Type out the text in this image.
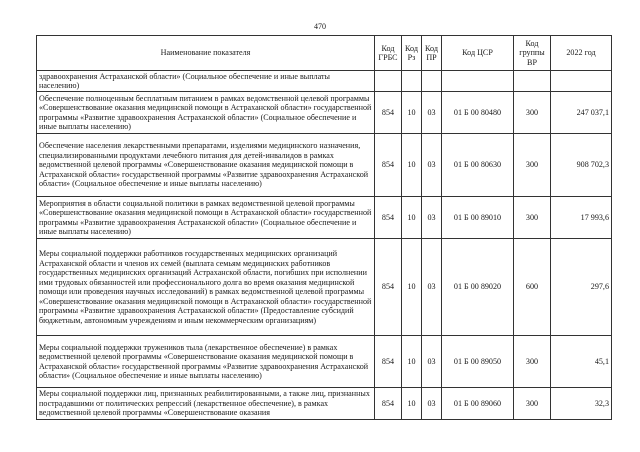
470
Наименование показателя	Код ГРБС	Код Рз	Код ПР	Код ЦСР	Код группы ВР	2022 год
здравоохранения Астраханской области» (Социальное обеспечение и иные выплаты населению)						
Обеспечение полноценным бесплатным питанием в рамках ведомственной целевой программы «Совершенствование оказания медицинской помощи в Астраханской области» государственной программы «Развитие здравоохранения Астраханской области» (Социальное обеспечение и иные выплаты населению)	854	10	03	01 Б 00 80480	300	247 037,1
Обеспечение населения лекарственными препаратами, изделиями медицинского назначения, специализированными продуктами лечебного питания для детей-инвалидов в рамках ведомственной целевой программы «Совершенствование оказания медицинской помощи в Астраханской области» государственной программы «Развитие здравоохранения Астраханской области» (Социальное обеспечение и иные выплаты населению)	854	10	03	01 Б 00 80630	300	908 702,3
Мероприятия в области социальной политики в рамках ведомственной целевой программы «Совершенствование оказания медицинской помощи в Астраханской области» государственной программы «Развитие здравоохранения Астраханской области» (Социальное обеспечение и иные выплаты населению)	854	10	03	01 Б 00 89010	300	17 993,6
Меры социальной поддержки работников государственных медицинских организаций Астраханской области и членов их семей (выплата семьям медицинских работников государственных медицинских организаций Астраханской области, погибших при исполнении ими трудовых обязанностей или профессионального долга во время оказания медицинской помощи или проведения научных исследований) в рамках ведомственной целевой программы «Совершенствование оказания медицинской помощи в Астраханской области» государственной программы «Развитие здравоохранения Астраханской области» (Предоставление субсидий бюджетным, автономным учреждениям и иным некоммерческим организациям)	854	10	03	01 Б 00 89020	600	297,6
Меры социальной поддержки тружеников тыла (лекарственное обеспечение) в рамках ведомственной целевой программы «Совершенствование оказания медицинской помощи в Астраханской области» государственной программы «Развитие здравоохранения Астраханской области» (Социальное обеспечение и иные выплаты населению)	854	10	03	01 Б 00 89050	300	45,1
Меры социальной поддержки лиц, признанных реабилитированными, а также лиц, признанных пострадавшими от политических репрессий (лекарственное обеспечение), в рамках ведомственной целевой программы «Совершенствование оказания	854	10	03	01 Б 00 89060	300	32,3
